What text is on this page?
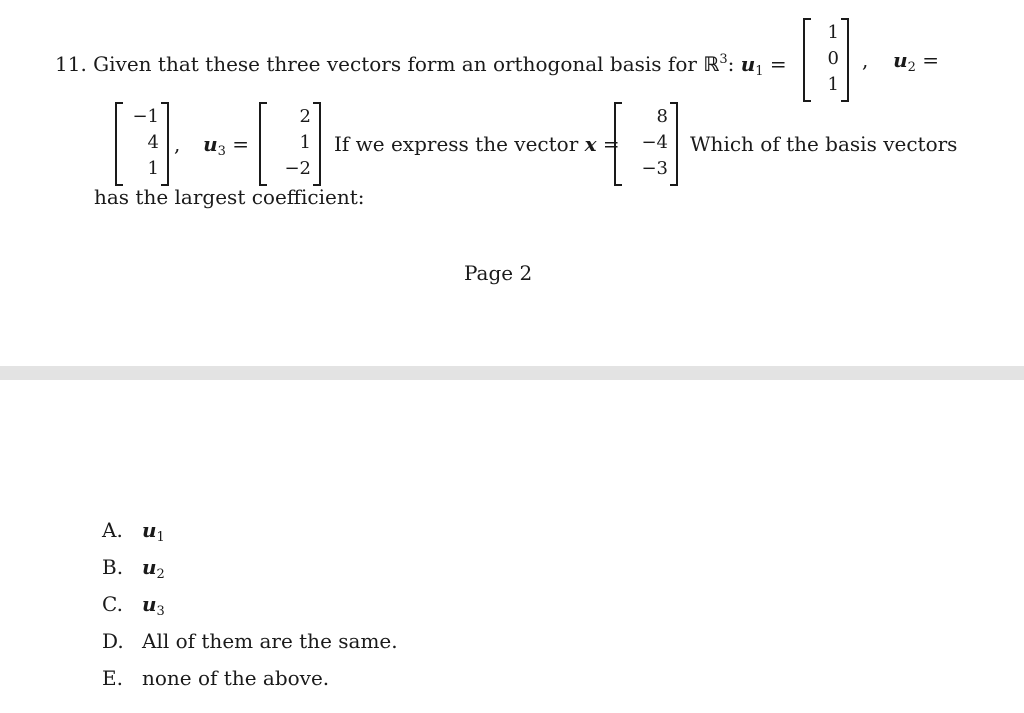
11. Given that these three vectors form an orthogonal basis for ℝ$^3$: $u_1$ =
1
0
1
, $u_2$ =
−1
4
1
, $u_3$ =
2
1
−2
If we express the vector x =
8
−4
−3
Which of the basis vectors
has the largest coefficient:
Page 2
A. $u_1$
B. $u_2$
C. $u_3$
D. All of them are the same.
E. none of the above.
